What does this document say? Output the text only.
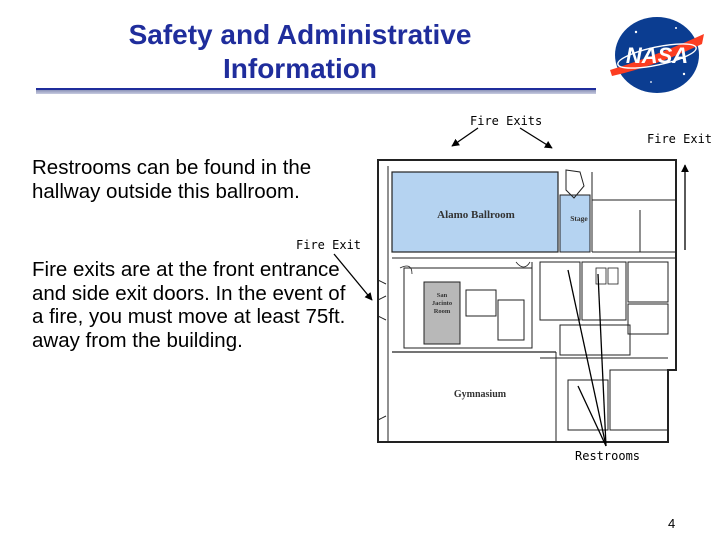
Safety and Administrative Information	NASA
Restrooms can be found in the hallway outside this ballroom.
Fire exits are at the front entrance and side exit doors. In the event of a fire, you must move at least 75ft. away from the building.
Alamo Ballroom	Stage
San
Jacinto
Room
Gymnasium
Fire Exits
Fire Exit
Fire Exit
Restrooms
4
